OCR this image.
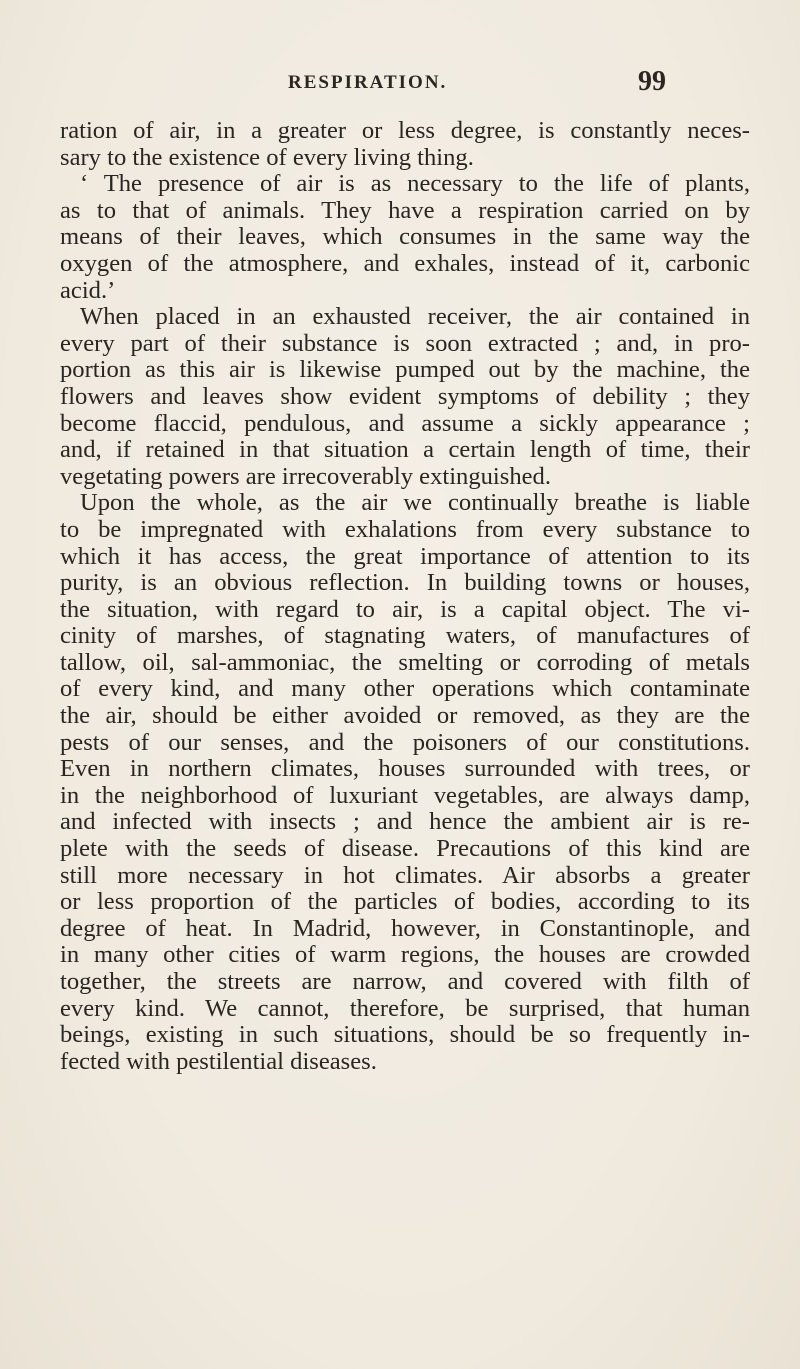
RESPIRATION.	99
ration of air, in a greater or less degree, is constantly neces-
sary to the existence of every living thing.
‘ The presence of air is as necessary to the life of plants,
as to that of animals. They have a respiration carried on by
means of their leaves, which consumes in the same way the
oxygen of the atmosphere, and exhales, instead of it, carbonic
acid.’
When placed in an exhausted receiver, the air contained in
every part of their substance is soon extracted ; and, in pro-
portion as this air is likewise pumped out by the machine, the
flowers and leaves show evident symptoms of debility ; they
become flaccid, pendulous, and assume a sickly appearance ;
and, if retained in that situation a certain length of time, their
vegetating powers are irrecoverably extinguished.
Upon the whole, as the air we continually breathe is liable
to be impregnated with exhalations from every substance to
which it has access, the great importance of attention to its
purity, is an obvious reflection. In building towns or houses,
the situation, with regard to air, is a capital object. The vi-
cinity of marshes, of stagnating waters, of manufactures of
tallow, oil, sal-ammoniac, the smelting or corroding of metals
of every kind, and many other operations which contaminate
the air, should be either avoided or removed, as they are the
pests of our senses, and the poisoners of our constitutions.
Even in northern climates, houses surrounded with trees, or
in the neighborhood of luxuriant vegetables, are always damp,
and infected with insects ; and hence the ambient air is re-
plete with the seeds of disease. Precautions of this kind are
still more necessary in hot climates. Air absorbs a greater
or less proportion of the particles of bodies, according to its
degree of heat. In Madrid, however, in Constantinople, and
in many other cities of warm regions, the houses are crowded
together, the streets are narrow, and covered with filth of
every kind. We cannot, therefore, be surprised, that human
beings, existing in such situations, should be so frequently in-
fected with pestilential diseases.
